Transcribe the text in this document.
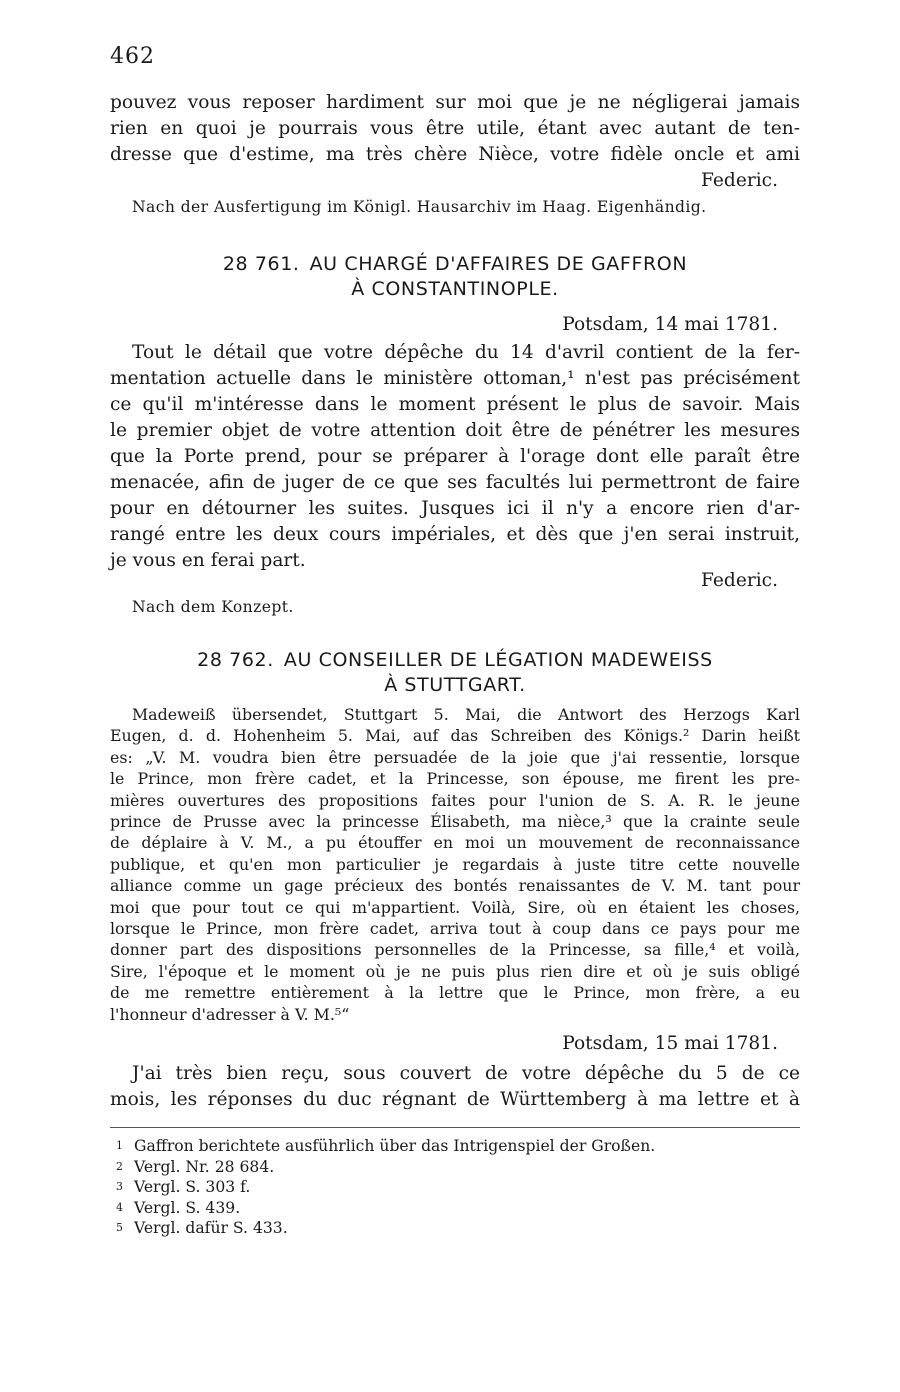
462
pouvez vous reposer hardiment sur moi que je ne négligerai jamais
rien en quoi je pourrais vous être utile, étant avec autant de ten-
dresse que d'estime, ma très chère Nièce, votre fidèle oncle et ami
Federic.
Nach der Ausfertigung im Königl. Hausarchiv im Haag. Eigenhändig.
28 761. AU CHARGÉ D'AFFAIRES DE GAFFRON
À CONSTANTINOPLE.
Potsdam, 14 mai 1781.
Tout le détail que votre dépêche du 14 d'avril contient de la fer-
mentation actuelle dans le ministère ottoman,¹ n'est pas précisément
ce qu'il m'intéresse dans le moment présent le plus de savoir. Mais
le premier objet de votre attention doit être de pénétrer les mesures
que la Porte prend, pour se préparer à l'orage dont elle paraît être
menacée, afin de juger de ce que ses facultés lui permettront de faire
pour en détourner les suites. Jusques ici il n'y a encore rien d'ar-
rangé entre les deux cours impériales, et dès que j'en serai instruit,
je vous en ferai part.
Federic.
Nach dem Konzept.
28 762. AU CONSEILLER DE LÉGATION MADEWEISS
À STUTTGART.
Madeweiß übersendet, Stuttgart 5. Mai, die Antwort des Herzogs Karl
Eugen, d. d. Hohenheim 5. Mai, auf das Schreiben des Königs.² Darin heißt
es: „V. M. voudra bien être persuadée de la joie que j'ai ressentie, lorsque
le Prince, mon frère cadet, et la Princesse, son épouse, me firent les pre-
mières ouvertures des propositions faites pour l'union de S. A. R. le jeune
prince de Prusse avec la princesse Élisabeth, ma nièce,³ que la crainte seule
de déplaire à V. M., a pu étouffer en moi un mouvement de reconnaissance
publique, et qu'en mon particulier je regardais à juste titre cette nouvelle
alliance comme un gage précieux des bontés renaissantes de V. M. tant pour
moi que pour tout ce qui m'appartient. Voilà, Sire, où en étaient les choses,
lorsque le Prince, mon frère cadet, arriva tout à coup dans ce pays pour me
donner part des dispositions personnelles de la Princesse, sa fille,⁴ et voilà,
Sire, l'époque et le moment où je ne puis plus rien dire et où je suis obligé
de me remettre entièrement à la lettre que le Prince, mon frère, a eu
l'honneur d'adresser à V. M.⁵“
Potsdam, 15 mai 1781.
J'ai très bien reçu, sous couvert de votre dépêche du 5 de ce
mois, les réponses du duc régnant de Württemberg à ma lettre et à
1 Gaffron berichtete ausführlich über das Intrigenspiel der Großen.
2 Vergl. Nr. 28 684.
3 Vergl. S. 303 f.
4 Vergl. S. 439.
5 Vergl. dafür S. 433.
